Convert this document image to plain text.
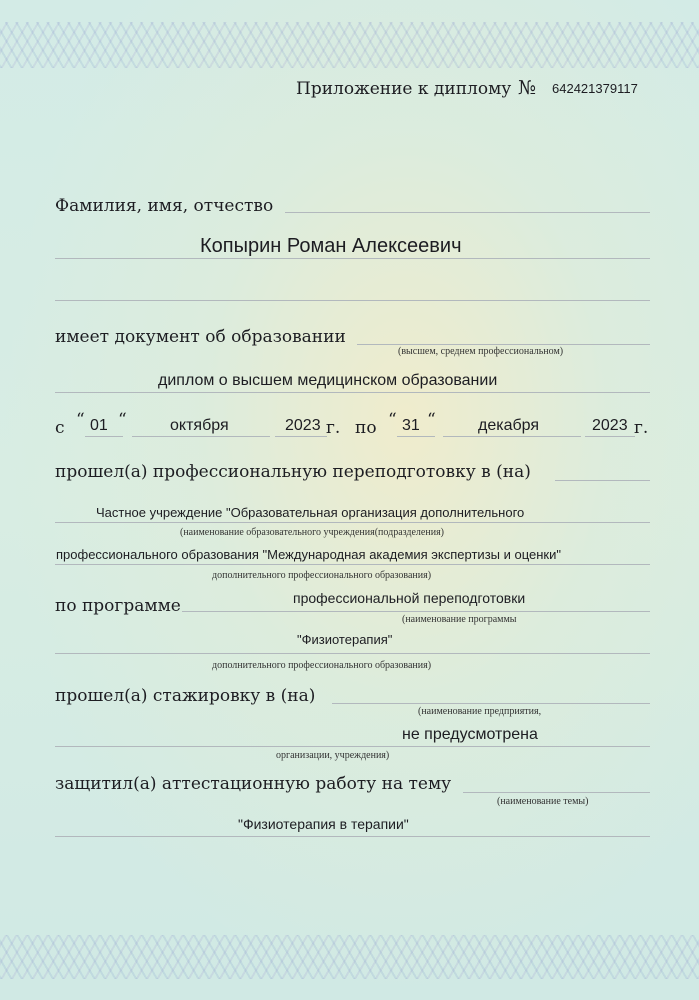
Приложение к диплому № 642421379117
Фамилия, имя, отчество
Копырин Роман Алексеевич
имеет документ об образовании
(высшем, среднем профессиональном)
диплом о высшем медицинском образовании
с “ 01 “	октября	2023 г. по “ 31 “	декабря	2023 г.
прошел(а) профессиональную переподготовку в (на)
Частное учреждение "Образовательная организация дополнительного
(наименование образовательного учреждения(подразделения)
профессионального образования "Международная академия экспертизы и оценки"
дополнительного профессионального образования)
по программе	профессиональной переподготовки
(наименование программы
"Физиотерапия"
дополнительного профессионального образования)
прошел(а) стажировку в (на)
(наименование предприятия,
не предусмотрена
организации, учреждения)
защитил(а) аттестационную работу на тему
(наименование темы)
"Физиотерапия в терапии"
